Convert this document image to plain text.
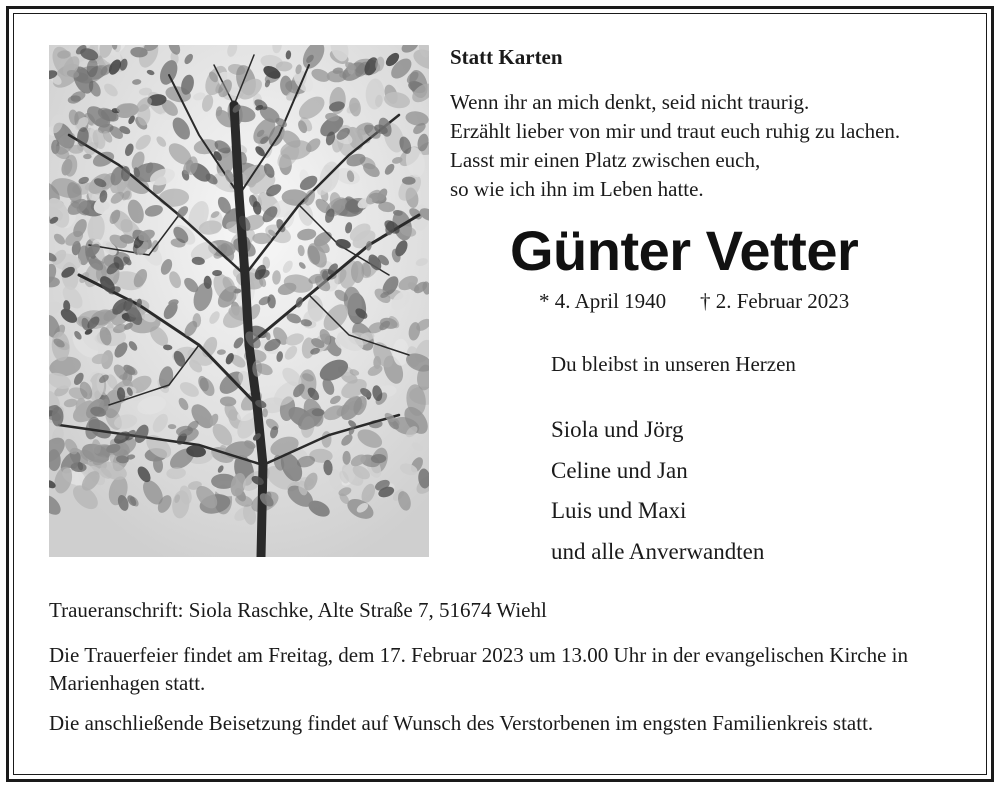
Statt Karten
Wenn ihr an mich denkt, seid nicht traurig.
Erzählt lieber von mir und traut euch ruhig zu lachen.
Lasst mir einen Platz zwischen euch,
so wie ich ihn im Leben hatte.
Günter Vetter
* 4. April 1940 † 2. Februar 2023
Du bleibst in unseren Herzen
Siola und Jörg
Celine und Jan
Luis und Maxi
und alle Anverwandten
Traueranschrift: Siola Raschke, Alte Straße 7, 51674 Wiehl
Die Trauerfeier findet am Freitag, dem 17. Februar 2023 um 13.00 Uhr in der evangelischen Kirche in Marienhagen statt.
Die anschließende Beisetzung findet auf Wunsch des Verstorbenen im engsten Familienkreis statt.
